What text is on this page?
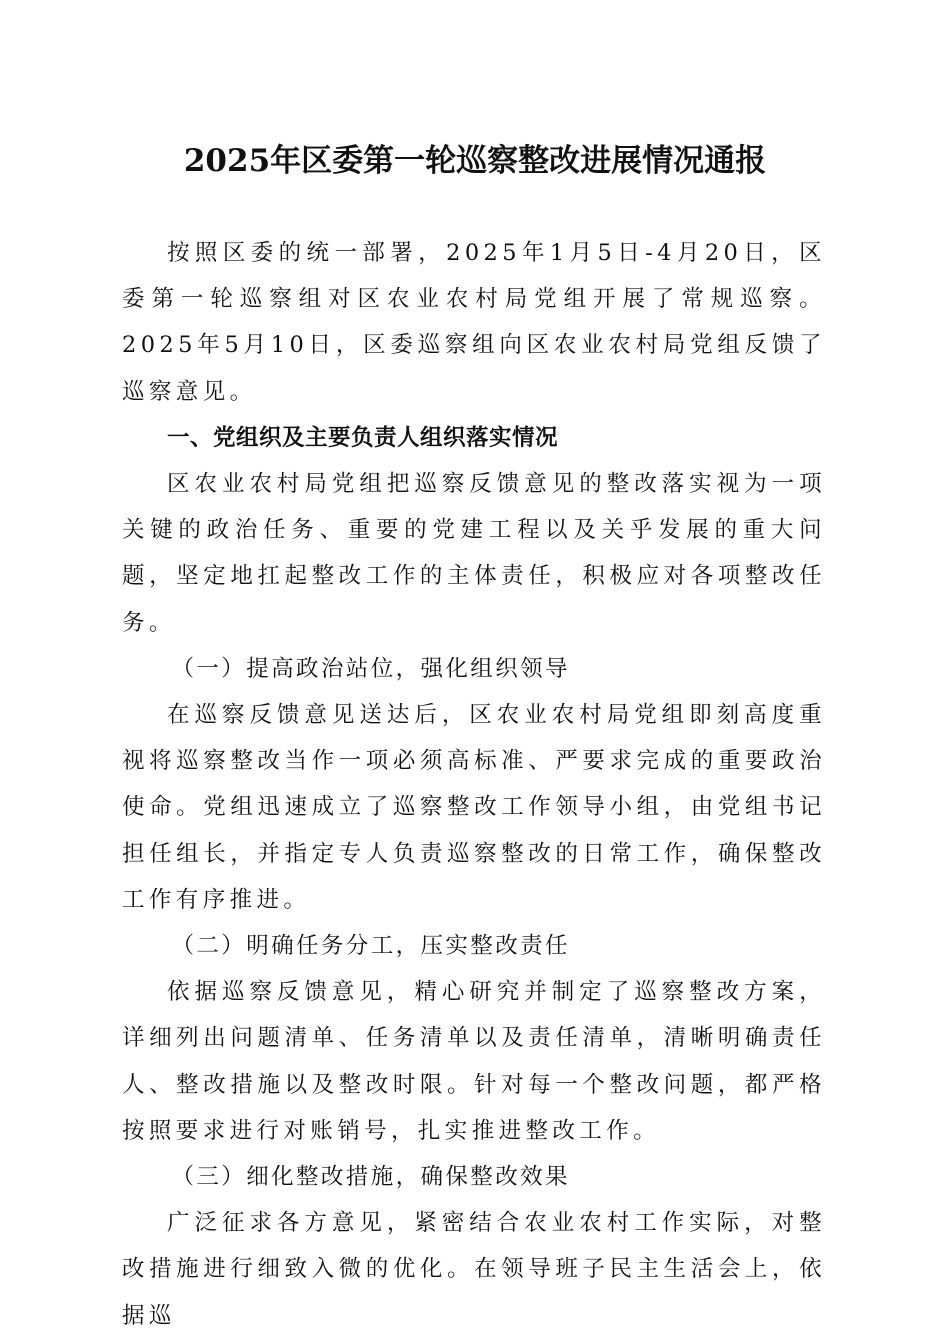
2025年区委第一轮巡察整改进展情况通报

按照区委的统一部署，2025年1月5日-4月20日，区委第一轮巡察组对区农业农村局党组开展了常规巡察。2025年5月10日，区委巡察组向区农业农村局党组反馈了巡察意见。

一、党组织及主要负责人组织落实情况

区农业农村局党组把巡察反馈意见的整改落实视为一项关键的政治任务、重要的党建工程以及关乎发展的重大问题，坚定地扛起整改工作的主体责任，积极应对各项整改任务。

（一）提高政治站位，强化组织领导

在巡察反馈意见送达后，区农业农村局党组即刻高度重视将巡察整改当作一项必须高标准、严要求完成的重要政治使命。党组迅速成立了巡察整改工作领导小组，由党组书记担任组长，并指定专人负责巡察整改的日常工作，确保整改工作有序推进。

（二）明确任务分工，压实整改责任

依据巡察反馈意见，精心研究并制定了巡察整改方案，详细列出问题清单、任务清单以及责任清单，清晰明确责任人、整改措施以及整改时限。针对每一个整改问题，都严格按照要求进行对账销号，扎实推进整改工作。

（三）细化整改措施，确保整改效果

广泛征求各方意见，紧密结合农业农村工作实际，对整改措施进行细致入微的优化。在领导班子民主生活会上，依据巡
